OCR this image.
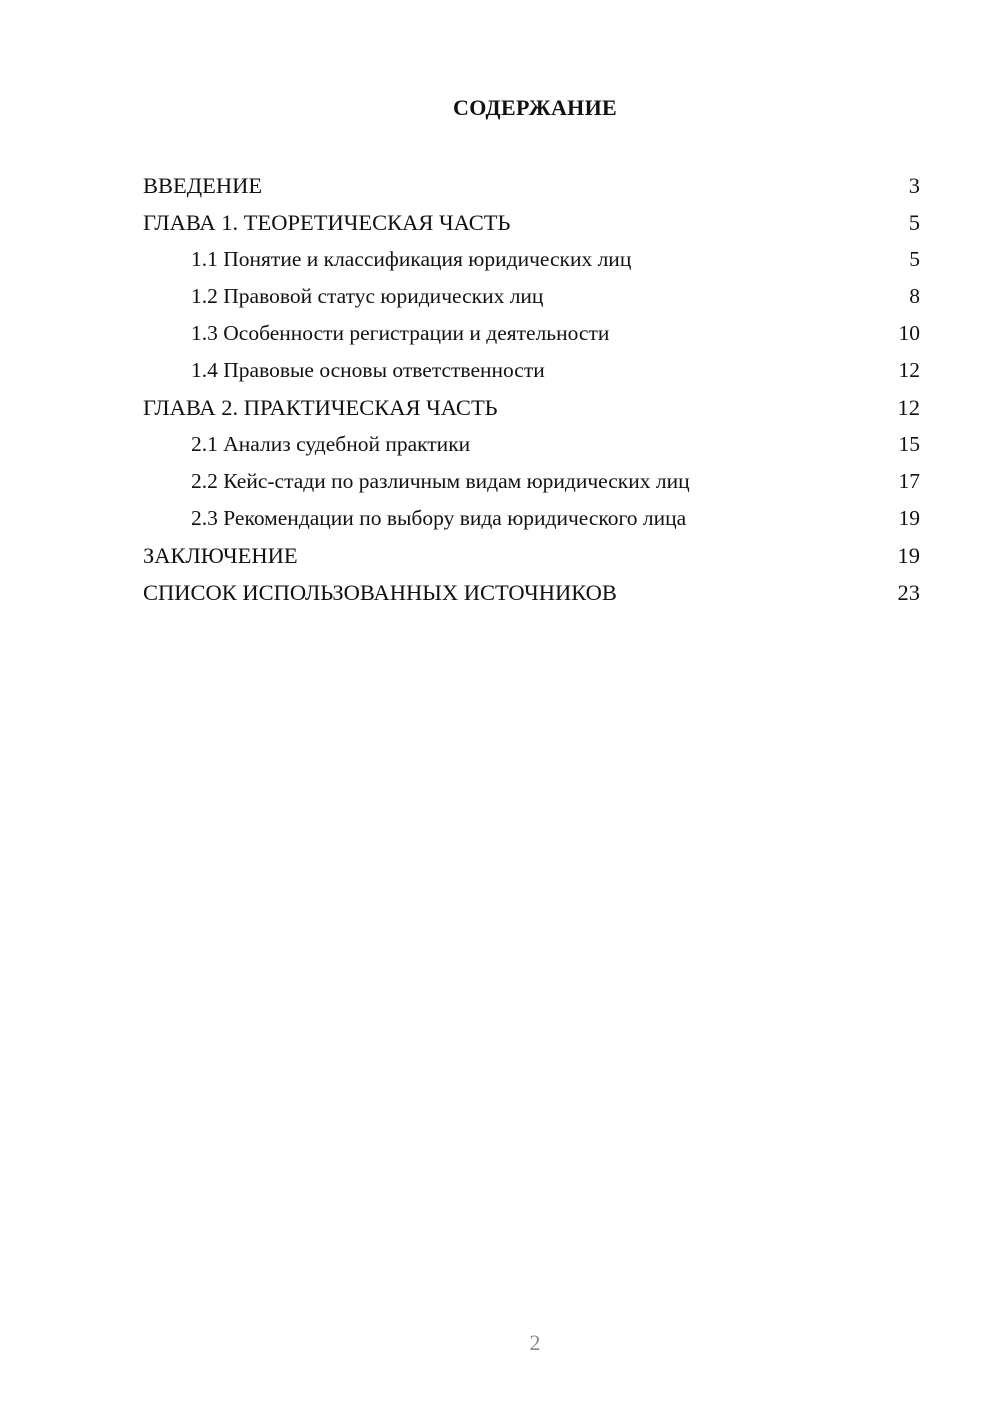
СОДЕРЖАНИЕ
ВВЕДЕНИЕ	3
ГЛАВА 1. ТЕОРЕТИЧЕСКАЯ ЧАСТЬ	5
1.1 Понятие и классификация юридических лиц	5
1.2 Правовой статус юридических лиц	8
1.3 Особенности регистрации и деятельности	10
1.4 Правовые основы ответственности	12
ГЛАВА 2. ПРАКТИЧЕСКАЯ ЧАСТЬ	12
2.1 Анализ судебной практики	15
2.2 Кейс-стади по различным видам юридических лиц	17
2.3 Рекомендации по выбору вида юридического лица	19
ЗАКЛЮЧЕНИЕ	19
СПИСОК ИСПОЛЬЗОВАННЫХ ИСТОЧНИКОВ	23
2
